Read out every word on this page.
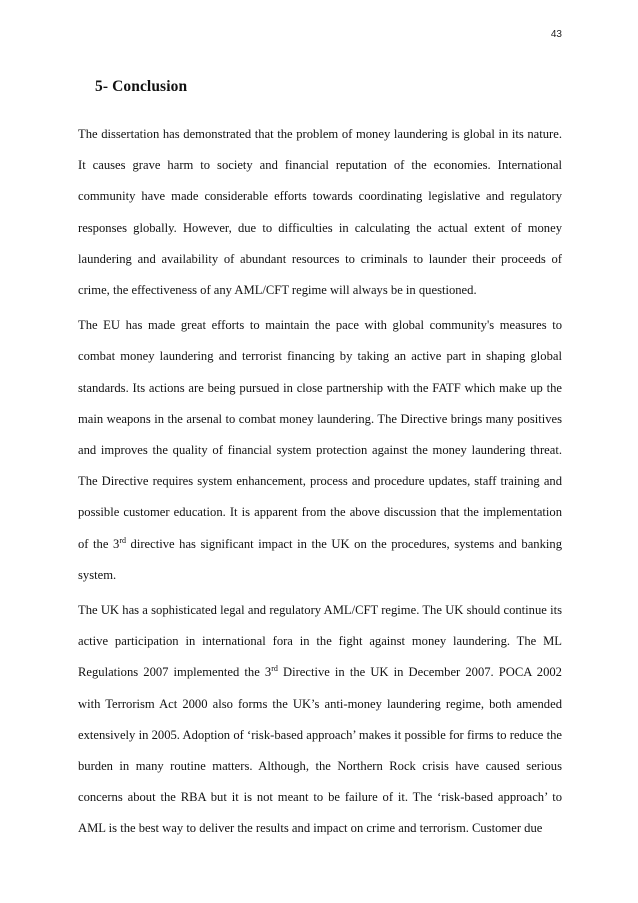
43
5- Conclusion

The dissertation has demonstrated that the problem of money laundering is global in its nature. It causes grave harm to society and financial reputation of the economies. International community have made considerable efforts towards coordinating legislative and regulatory responses globally. However, due to difficulties in calculating the actual extent of money laundering and availability of abundant resources to criminals to launder their proceeds of crime, the effectiveness of any AML/CFT regime will always be in questioned.

The EU has made great efforts to maintain the pace with global community's measures to combat money laundering and terrorist financing by taking an active part in shaping global standards. Its actions are being pursued in close partnership with the FATF which make up the main weapons in the arsenal to combat money laundering. The Directive brings many positives and improves the quality of financial system protection against the money laundering threat. The Directive requires system enhancement, process and procedure updates, staff training and possible customer education. It is apparent from the above discussion that the implementation of the 3rd directive has significant impact in the UK on the procedures, systems and banking system.

The UK has a sophisticated legal and regulatory AML/CFT regime. The UK should continue its active participation in international fora in the fight against money laundering. The ML Regulations 2007 implemented the 3rd Directive in the UK in December 2007. POCA 2002 with Terrorism Act 2000 also forms the UK’s anti-money laundering regime, both amended extensively in 2005. Adoption of ‘risk-based approach’ makes it possible for firms to reduce the burden in many routine matters. Although, the Northern Rock crisis have caused serious concerns about the RBA but it is not meant to be failure of it. The ‘risk-based approach’ to AML is the best way to deliver the results and impact on crime and terrorism. Customer due
